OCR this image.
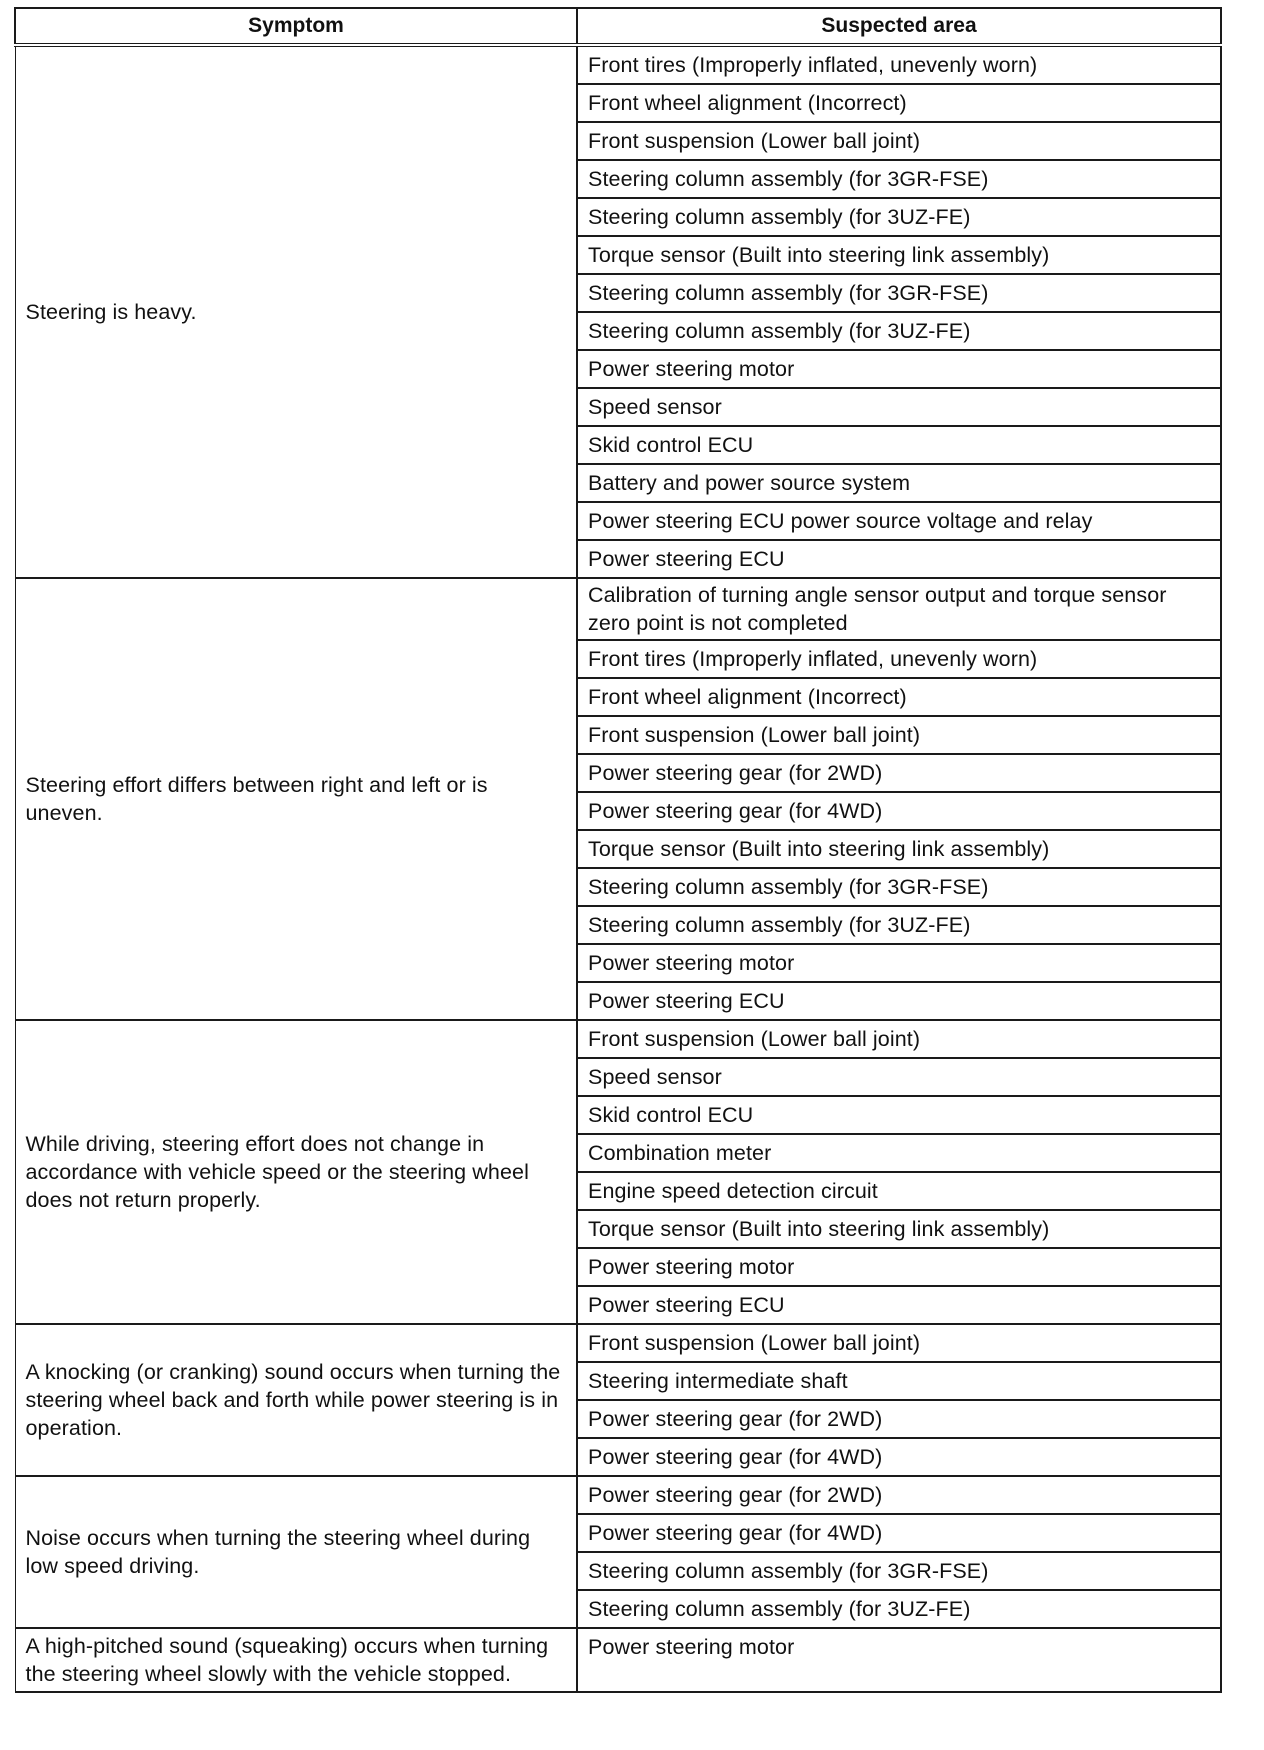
Symptom	Suspected area
Steering is heavy.	Front tires (Improperly inflated, unevenly worn)
	Front wheel alignment (Incorrect)
	Front suspension (Lower ball joint)
	Steering column assembly (for 3GR-FSE)
	Steering column assembly (for 3UZ-FE)
	Torque sensor (Built into steering link assembly)
	Steering column assembly (for 3GR-FSE)
	Steering column assembly (for 3UZ-FE)
	Power steering motor
	Speed sensor
	Skid control ECU
	Battery and power source system
	Power steering ECU power source voltage and relay
	Power steering ECU
Steering effort differs between right and left or is uneven.	Calibration of turning angle sensor output and torque sensor zero point is not completed
	Front tires (Improperly inflated, unevenly worn)
	Front wheel alignment (Incorrect)
	Front suspension (Lower ball joint)
	Power steering gear (for 2WD)
	Power steering gear (for 4WD)
	Torque sensor (Built into steering link assembly)
	Steering column assembly (for 3GR-FSE)
	Steering column assembly (for 3UZ-FE)
	Power steering motor
	Power steering ECU
While driving, steering effort does not change in accordance with vehicle speed or the steering wheel does not return properly.	Front suspension (Lower ball joint)
	Speed sensor
	Skid control ECU
	Combination meter
	Engine speed detection circuit
	Torque sensor (Built into steering link assembly)
	Power steering motor
	Power steering ECU
A knocking (or cranking) sound occurs when turning the steering wheel back and forth while power steering is in operation.	Front suspension (Lower ball joint)
	Steering intermediate shaft
	Power steering gear (for 2WD)
	Power steering gear (for 4WD)
Noise occurs when turning the steering wheel during low speed driving.	Power steering gear (for 2WD)
	Power steering gear (for 4WD)
	Steering column assembly (for 3GR-FSE)
	Steering column assembly (for 3UZ-FE)
A high-pitched sound (squeaking) occurs when turning the steering wheel slowly with the vehicle stopped.	Power steering motor
